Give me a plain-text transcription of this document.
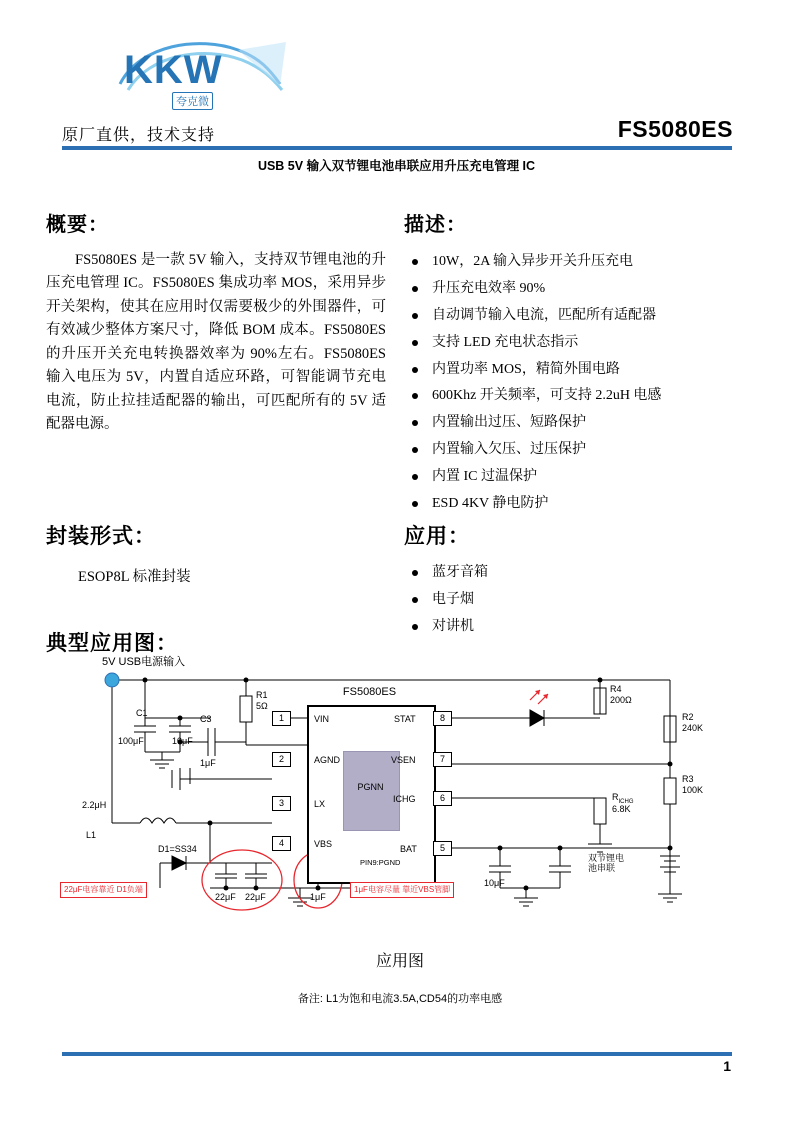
KKW
夸克微
原厂直供，技术支持	FS5080ES
USB 5V 输入双节锂电池串联应用升压充电管理 IC
概要：

FS5080ES 是一款 5V 输入，支持双节锂电池的升压充电管理 IC。FS5080ES 集成功率 MOS，采用异步开关架构，使其在应用时仅需要极少的外围器件，可有效减少整体方案尺寸，降低 BOM 成本。FS5080ES 的升压开关充电转换器效率为 90%左右。FS5080ES 输入电压为 5V，内置自适应环路，可智能调节充电电流，防止拉挂适配器的输出，可匹配所有的 5V 适配器电源。

描述：
10W，2A 输入异步开关升压充电
升压充电效率 90%
自动调节输入电流，匹配所有适配器
支持 LED 充电状态指示
内置功率 MOS，精简外围电路
600Khz 开关频率，可支持 2.2uH 电感
内置输出过压、短路保护
内置输入欠压、过压保护
内置 IC 过温保护
ESD 4KV 静电防护
封装形式：
ESOP8L 标准封装
应用：
蓝牙音箱
电子烟
对讲机
典型应用图：
FS5080ES
PGNN
PIN9:PGND
1	VIN
2	AGND
3	LX
4	VBS
8
STAT
7
VSEN
6
ICHG
5
BAT
5V USB电源输入
C1
100μF	10μF
C3
1μF
R1
5Ω
R4
200Ω
R2
240K
R3
100K
$R_{ICHG}$
6.8K
2.2μH
L1
D1=SS34
22μF 22μF	1μF
10μF
双节锂电 池串联
22μF电容靠近 D1负端	1μF电容尽量 靠近VBS管脚
应用图
备注: L1为饱和电流3.5A,CD54的功率电感
1
